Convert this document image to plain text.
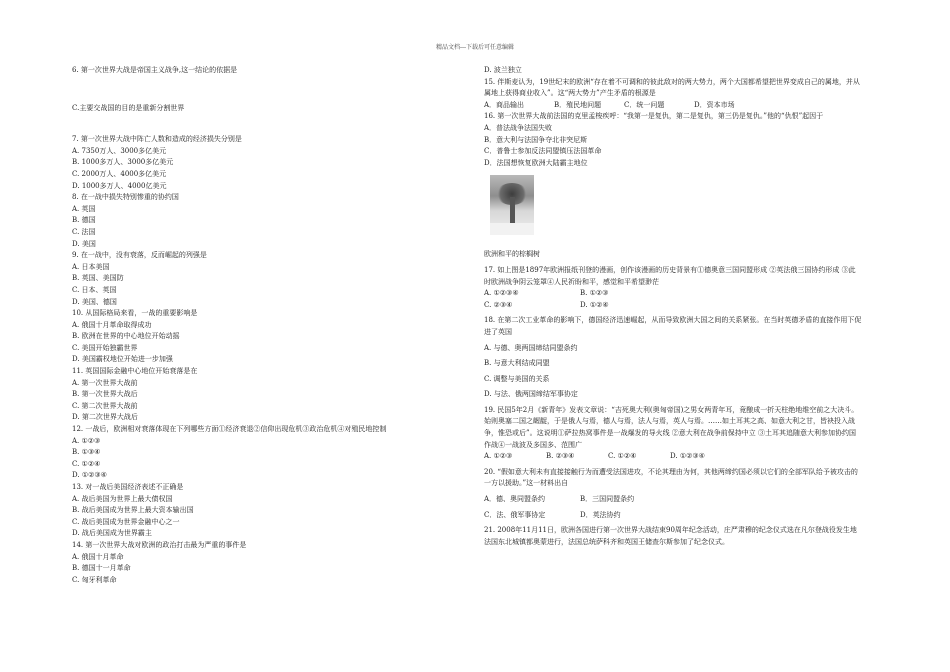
精品文档---下载后可任意编辑
6. 第一次世界大战是帝国主义战争,这一结论的依据是
C.主要交战国的目的是重新分割世界
7. 第一次世界大战中阵亡人数和造成的经济损失分别是
A. 7350万人、3000多亿美元
B. 1000多万人、3000多亿美元
C. 2000万人、4000多亿美元
D. 1000多万人、4000亿美元
8. 在一战中损失特别惨重的协约国
A. 英国
B. 德国
C. 法国
D. 美国
9. 在一战中，没有衰落，反而崛起的列强是
A. 日本美国
B. 英国、美国防
C. 日本、英国
D. 美国、德国
10. 从国际格局来看，一战的重要影响是
A. 俄国十月革命取得成功
B. 欧洲在世界的中心地位开始动摇
C. 美国开始独霸世界
D. 美国霸权地位开始进一步加强
11. 英国国际金融中心地位开始衰落是在
A. 第一次世界大战前
B. 第一次世界大战后
C. 第二次世界大战前
D. 第二次世界大战后
12. 一战后，欧洲相对衰落体现在下列哪些方面①经济衰退②信仰出现危机③政治危机④对殖民地控制
A. ①②③
B. ①③④
C. ①②④
D. ①②③④
13. 对一战后美国经济表述不正确是
A. 战后美国为世界上最大债权国
B. 战后美国成为世界上最大资本输出国
C. 战后美国成为世界金融中心之一
D. 战后美国成为世界霸主
14. 第一次世界大战对欧洲的政治打击最为严重的事件是
A. 俄国十月革命
B. 德国十一月革命
C. 匈牙利革命
D. 波兰独立
15. 伴斯麦认为，19世纪末的欧洲“存在着不可调和的彼此敌对的两大势力，两个大国都希望把世界变成自己的属地，并从属地上获得商业收入”。这“两大势力”产生矛盾的根源是
A．商品输出	B．殖民地问题	C．统一问题	D．资本市场
16. 第一次世界大战前法国的克里孟梭疾呼：“我第一是复仇，第二是复仇，第三仍是复仇。”他的“仇恨”起因于
A．普法战争法国失败
B．意大利与法国争夺北非突尼斯
C．普鲁士参加反法同盟镇压法国革命
D．法国想恢复欧洲大陆霸主地位
欧洲和平的棕榈树
17. 如上图是1897年欧洲报纸刊登的漫画，创作该漫画的历史背景有①德奥意三国同盟形成 ②英法俄三国协约形成 ③此时欧洲战争阴云笼罩④人民祈盼和平，感觉和平希望渺茫
A. ①②③④	B. ①②③
C. ②③④	D. ①②④
18. 在第二次工业革命的影响下，德国经济迅速崛起，从而导致欧洲大国之间的关系紧张。在当时英德矛盾的直接作用下促进了英国
A. 与德、奥两国缔结同盟条约
B. 与意大利结成同盟
C. 调整与美国的关系
D. 与法、俄两国缔结军事协定
19. 民国5年2月《新青年》发表文章说：“吉死奥大利(奥匈帝国)之男女两青年耳，竟酿成一折天柱绝地维空前之大决斗。始则奥塞二国之龌龊，于是俄人与焉，德人与焉，法人与焉，英人与焉。……如土耳其之高、如意大利之甘，皆袂投入战争，惟恐或后”。这说明①萨拉热窝事件是一战爆发的导火线 ②意大利在战争前保持中立 ③土耳其追随意大利参加协约国作战④一战波及多国多、范围广
A. ①②③	B. ②③④	C. ①②④	D. ①②③④
20. “假如意大利未有直接接触行为而遭受法国进攻，不论其理由为何，其他两缔约国必须以它们的全部军队给予被攻击的一方以援助。”这一材料出自
A．德、奥同盟条约	B．三国同盟条约
C．法、俄军事协定	D．英法协约
21. 2008年11月11日，欧洲各国进行第一次世界大战结束90周年纪念活动，庄严肃穆的纪念仪式选在凡尔登战役发生地法国东北城镇都奥蒙进行，法国总统萨科齐和英国王储查尔斯参加了纪念仪式。
